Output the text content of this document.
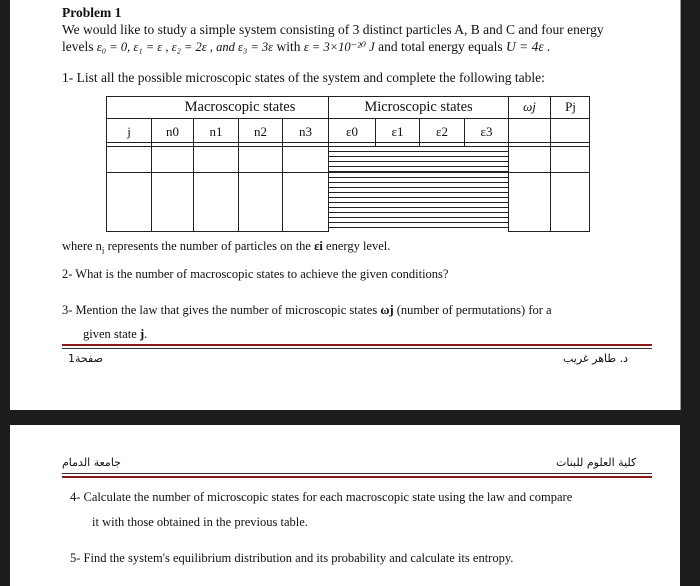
Problem 1
We would like to study a simple system consisting of 3 distinct particles A, B and C and four energy
levels ε₀ = 0, ε₁ = ε , ε₂ = 2ε , and ε₃ = 3ε with ε = 3×10⁻²⁰ J and total energy equals U = 4ε .
1- List all the possible microscopic states of the system and complete the following table:
Macroscopic states	Microscopic states	ωj	Pj
j	n0	n1	n2	n3	ε0	ε1	ε2	ε3
where $n_i$ represents the number of particles on the εi energy level.
2- What is the number of macroscopic states to achieve the given conditions?
3- Mention the law that gives the number of microscopic states ωj (number of permutations) for a
given state j.
صفحة1	د. طاهر غريب
جامعة الدمام	كلية العلوم للبنات
4- Calculate the number of microscopic states for each macroscopic state using the law and compare
it with those obtained in the previous table.
5- Find the system's equilibrium distribution and its probability and calculate its entropy.
